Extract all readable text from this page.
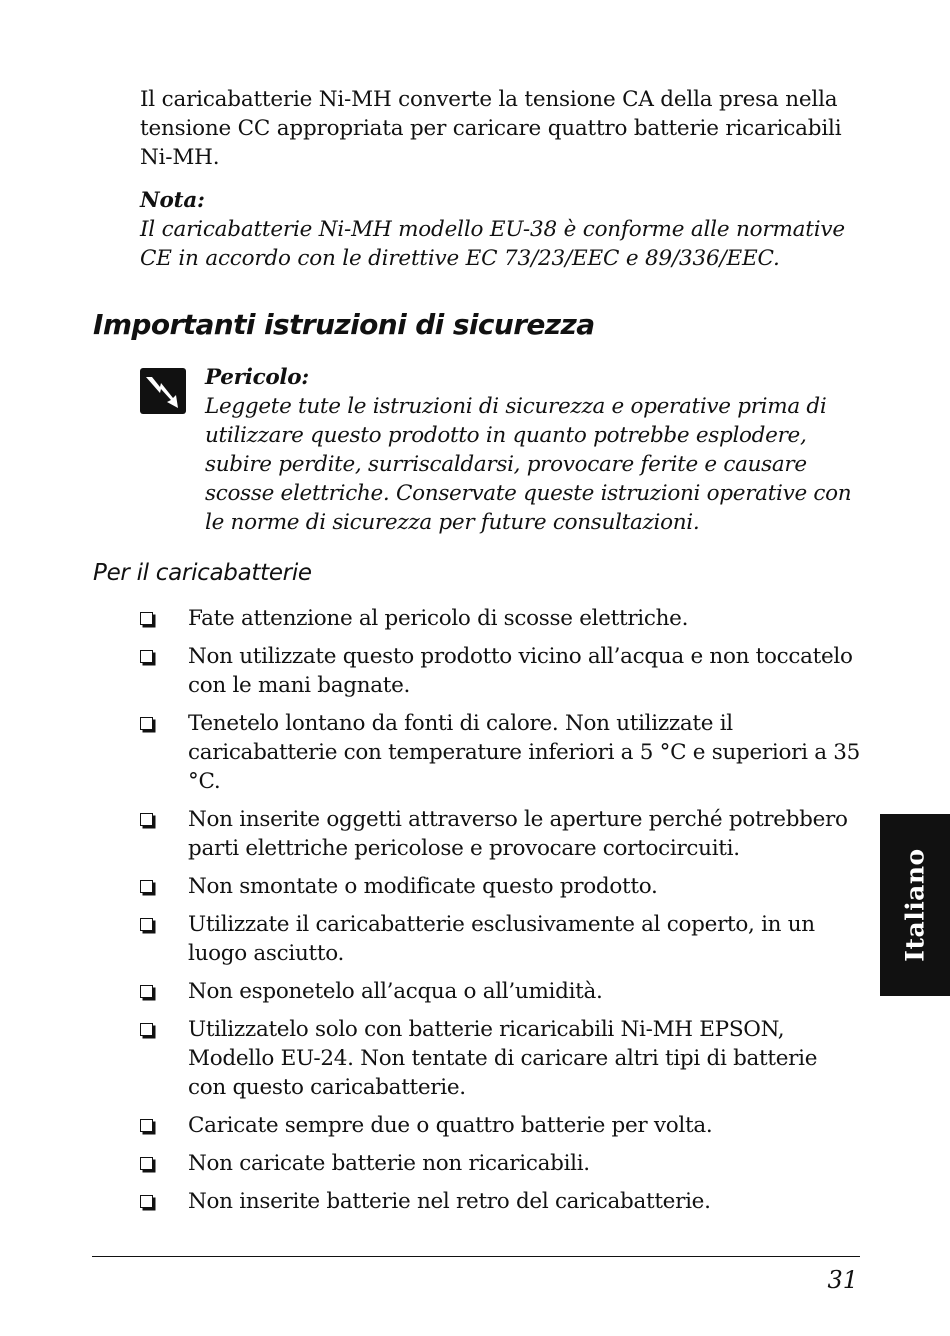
Il caricabatterie Ni-MH converte la tensione CA della presa nella tensione CC appropriata per caricare quattro batterie ricaricabili Ni-MH.

Nota:
Il caricabatterie Ni-MH modello EU-38 è conforme alle normative CE in accordo con le direttive EC 73/23/EEC e 89/336/EEC.
Importanti istruzioni di sicurezza
Pericolo:
Leggete tute le istruzioni di sicurezza e operative prima di utilizzare questo prodotto in quanto potrebbe esplodere, subire perdite, surriscaldarsi, provocare ferite e causare scosse elettriche. Conservate queste istruzioni operative con le norme di sicurezza per future consultazioni.
Per il caricabatterie
Fate attenzione al pericolo di scosse elettriche.
Non utilizzate questo prodotto vicino all’acqua e non toccatelo con le mani bagnate.
Tenetelo lontano da fonti di calore. Non utilizzate il caricabatterie con temperature inferiori a 5 °C e superiori a 35 °C.
Non inserite oggetti attraverso le aperture perché potrebbero parti elettriche pericolose e provocare cortocircuiti.
Non smontate o modificate questo prodotto.
Utilizzate il caricabatterie esclusivamente al coperto, in un luogo asciutto.
Non esponetelo all’acqua o all’umidità.
Utilizzatelo solo con batterie ricaricabili Ni-MH EPSON, Modello EU-24. Non tentate di caricare altri tipi di batterie con questo caricabatterie.
Caricate sempre due o quattro batterie per volta.
Non caricate batterie non ricaricabili.
Non inserite batterie nel retro del caricabatterie.
Italiano
31
